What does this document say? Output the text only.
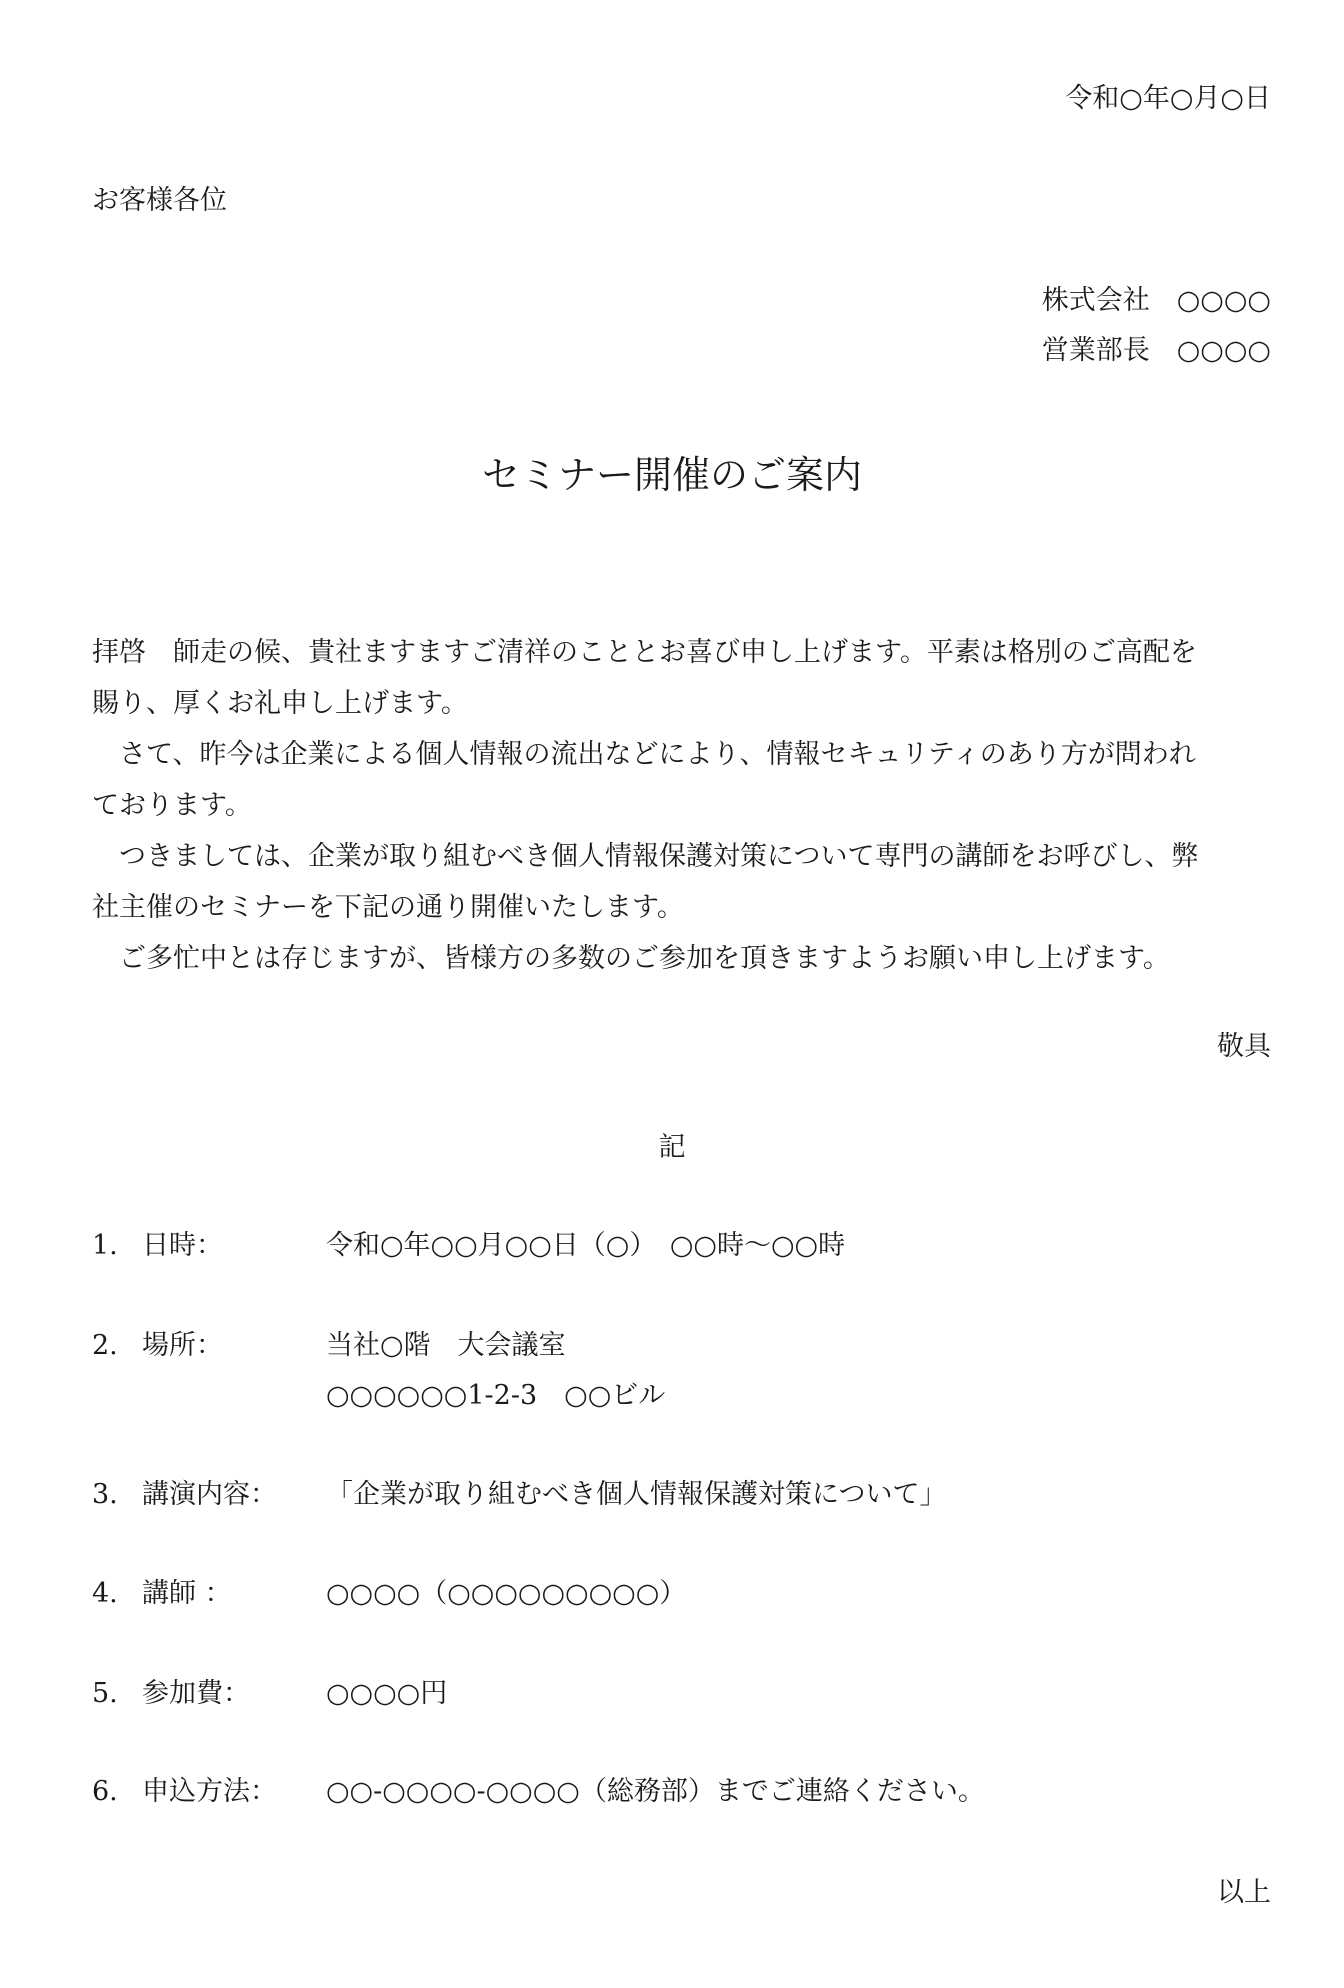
令和○年○月○日
お客様各位
株式会社　○○○○
営業部長　○○○○
セミナー開催のご案内

拝啓　師走の候、貴社ますますご清祥のこととお喜び申し上げます。平素は格別のご高配を

賜り、厚くお礼申し上げます。

　さて、昨今は企業による個人情報の流出などにより、情報セキュリティのあり方が問われ

ております。

　つきましては、企業が取り組むべき個人情報保護対策について専門の講師をお呼びし、弊

社主催のセミナーを下記の通り開催いたします。

　ご多忙中とは存じますが、皆様方の多数のご参加を頂きますようお願い申し上げます。

敬具
記
1. 日時：	令和○年○○月○○日（○）　○○時～○○時
2. 場所：	当社○階　大会議室
○○○○○○1-2-3　○○ビル
3. 講演内容： 「企業が取り組むべき個人情報保護対策について」
4. 講師 ：	○○○○（○○○○○○○○○）
5. 参加費：	○○○○円
6. 申込方法： ○○-○○○○-○○○○（総務部）までご連絡ください。
以上
